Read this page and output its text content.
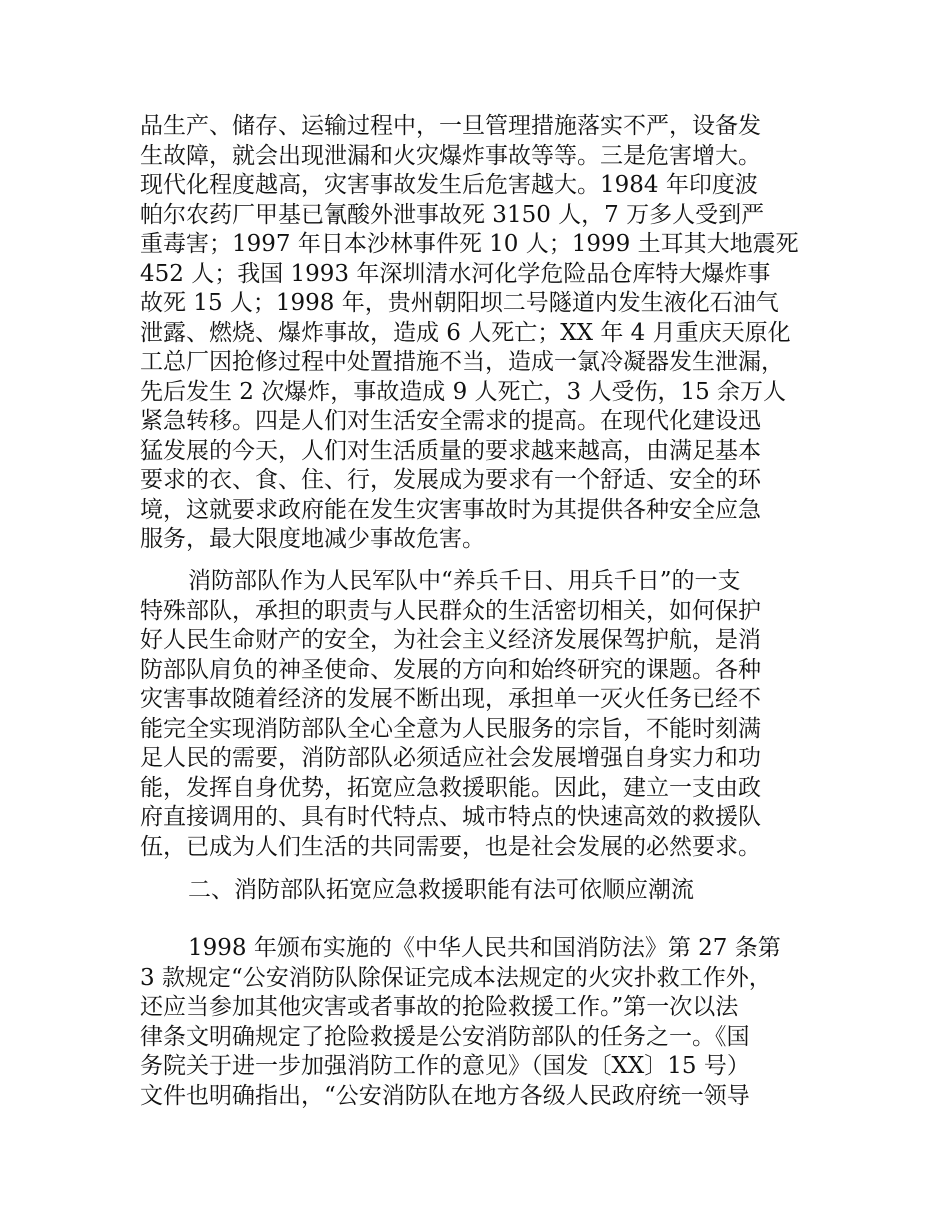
品生产、储存、运输过程中，一旦管理措施落实不严，设备发
生故障，就会出现泄漏和火灾爆炸事故等等。三是危害增大。
现代化程度越高，灾害事故发生后危害越大。1984 年印度波
帕尔农药厂甲基已氰酸外泄事故死 3150 人，7 万多人受到严
重毒害；1997 年日本沙林事件死 10 人；1999 土耳其大地震死
452 人；我国 1993 年深圳清水河化学危险品仓库特大爆炸事
故死 15 人；1998 年，贵州朝阳坝二号隧道内发生液化石油气
泄露、燃烧、爆炸事故，造成 6 人死亡；XX 年 4 月重庆天原化
工总厂因抢修过程中处置措施不当，造成一氯冷凝器发生泄漏，
先后发生 2 次爆炸，事故造成 9 人死亡，3 人受伤，15 余万人
紧急转移。四是人们对生活安全需求的提高。在现代化建设迅
猛发展的今天，人们对生活质量的要求越来越高，由满足基本
要求的衣、食、住、行，发展成为要求有一个舒适、安全的环
境，这就要求政府能在发生灾害事故时为其提供各种安全应急
服务，最大限度地减少事故危害。
消防部队作为人民军队中“养兵千日、用兵千日”的一支
特殊部队，承担的职责与人民群众的生活密切相关，如何保护
好人民生命财产的安全，为社会主义经济发展保驾护航，是消
防部队肩负的神圣使命、发展的方向和始终研究的课题。各种
灾害事故随着经济的发展不断出现，承担单一灭火任务已经不
能完全实现消防部队全心全意为人民服务的宗旨，不能时刻满
足人民的需要，消防部队必须适应社会发展增强自身实力和功
能，发挥自身优势，拓宽应急救援职能。因此，建立一支由政
府直接调用的、具有时代特点、城市特点的快速高效的救援队
伍，已成为人们生活的共同需要，也是社会发展的必然要求。
二、消防部队拓宽应急救援职能有法可依顺应潮流
1998 年颁布实施的《中华人民共和国消防法》第 27 条第
3 款规定“公安消防队除保证完成本法规定的火灾扑救工作外，
还应当参加其他灾害或者事故的抢险救援工作。”第一次以法
律条文明确规定了抢险救援是公安消防部队的任务之一。《国
务院关于进一步加强消防工作的意见》（国发〔XX〕15 号）
文件也明确指出，“公安消防队在地方各级人民政府统一领导
